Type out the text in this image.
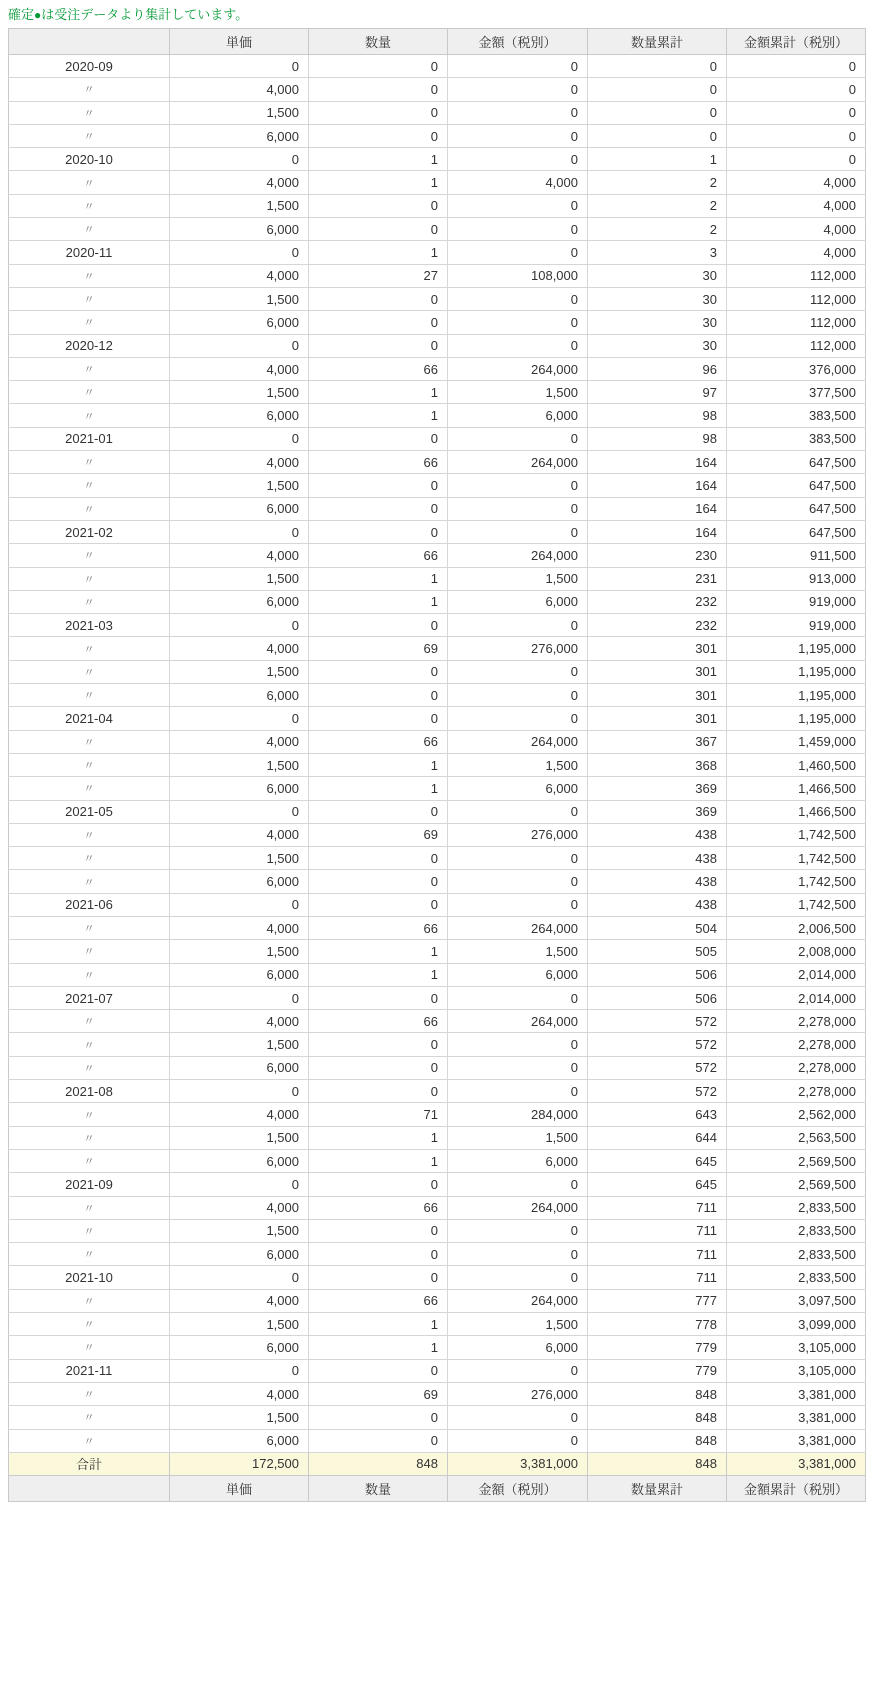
確定●は受注データより集計しています。
	単価	数量	金額（税別）	数量累計	金額累計（税別）
2020-09	0	0	0	0	0
〃	4,000	0	0	0	0
〃	1,500	0	0	0	0
〃	6,000	0	0	0	0
2020-10	0	1	0	1	0
〃	4,000	1	4,000	2	4,000
〃	1,500	0	0	2	4,000
〃	6,000	0	0	2	4,000
2020-11	0	1	0	3	4,000
〃	4,000	27	108,000	30	112,000
〃	1,500	0	0	30	112,000
〃	6,000	0	0	30	112,000
2020-12	0	0	0	30	112,000
〃	4,000	66	264,000	96	376,000
〃	1,500	1	1,500	97	377,500
〃	6,000	1	6,000	98	383,500
2021-01	0	0	0	98	383,500
〃	4,000	66	264,000	164	647,500
〃	1,500	0	0	164	647,500
〃	6,000	0	0	164	647,500
2021-02	0	0	0	164	647,500
〃	4,000	66	264,000	230	911,500
〃	1,500	1	1,500	231	913,000
〃	6,000	1	6,000	232	919,000
2021-03	0	0	0	232	919,000
〃	4,000	69	276,000	301	1,195,000
〃	1,500	0	0	301	1,195,000
〃	6,000	0	0	301	1,195,000
2021-04	0	0	0	301	1,195,000
〃	4,000	66	264,000	367	1,459,000
〃	1,500	1	1,500	368	1,460,500
〃	6,000	1	6,000	369	1,466,500
2021-05	0	0	0	369	1,466,500
〃	4,000	69	276,000	438	1,742,500
〃	1,500	0	0	438	1,742,500
〃	6,000	0	0	438	1,742,500
2021-06	0	0	0	438	1,742,500
〃	4,000	66	264,000	504	2,006,500
〃	1,500	1	1,500	505	2,008,000
〃	6,000	1	6,000	506	2,014,000
2021-07	0	0	0	506	2,014,000
〃	4,000	66	264,000	572	2,278,000
〃	1,500	0	0	572	2,278,000
〃	6,000	0	0	572	2,278,000
2021-08	0	0	0	572	2,278,000
〃	4,000	71	284,000	643	2,562,000
〃	1,500	1	1,500	644	2,563,500
〃	6,000	1	6,000	645	2,569,500
2021-09	0	0	0	645	2,569,500
〃	4,000	66	264,000	711	2,833,500
〃	1,500	0	0	711	2,833,500
〃	6,000	0	0	711	2,833,500
2021-10	0	0	0	711	2,833,500
〃	4,000	66	264,000	777	3,097,500
〃	1,500	1	1,500	778	3,099,000
〃	6,000	1	6,000	779	3,105,000
2021-11	0	0	0	779	3,105,000
〃	4,000	69	276,000	848	3,381,000
〃	1,500	0	0	848	3,381,000
〃	6,000	0	0	848	3,381,000
合計	172,500	848	3,381,000	848	3,381,000
	単価	数量	金額（税別）	数量累計	金額累計（税別）
